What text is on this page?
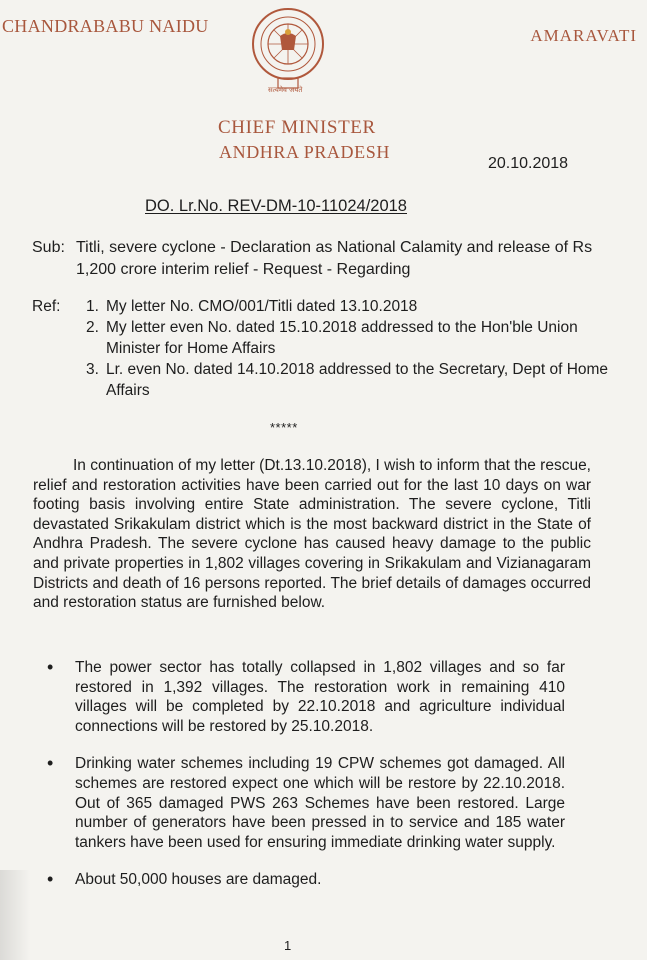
CHANDRABABU NAIDU	AMARAVATI
सत्यमेव जयते
CHIEF MINISTER
ANDHRA PRADESH
20.10.2018
DO. Lr.No. REV-DM-10-11024/2018
Sub: Titli, severe cyclone - Declaration as National Calamity and release of Rs 1,200 crore interim relief - Request - Regarding
Ref: 1. My letter No. CMO/001/Titli dated 13.10.2018
2. My letter even No. dated 15.10.2018 addressed to the Hon'ble Union Minister for Home Affairs
3. Lr. even No. dated 14.10.2018 addressed to the Secretary, Dept of Home Affairs
*****
In continuation of my letter (Dt.13.10.2018), I wish to inform that the rescue, relief and restoration activities have been carried out for the last 10 days on war footing basis involving entire State administration. The severe cyclone, Titli devastated Srikakulam district which is the most backward district in the State of Andhra Pradesh. The severe cyclone has caused heavy damage to the public and private properties in 1,802 villages covering in Srikakulam and Vizianagaram Districts and death of 16 persons reported. The brief details of damages occurred and restoration status are furnished below.
• The power sector has totally collapsed in 1,802 villages and so far restored in 1,392 villages. The restoration work in remaining 410 villages will be completed by 22.10.2018 and agriculture individual connections will be restored by 25.10.2018.
• Drinking water schemes including 19 CPW schemes got damaged. All schemes are restored expect one which will be restore by 22.10.2018. Out of 365 damaged PWS 263 Schemes have been restored. Large number of generators have been pressed in to service and 185 water tankers have been used for ensuring immediate drinking water supply.
• About 50,000 houses are damaged.
1
